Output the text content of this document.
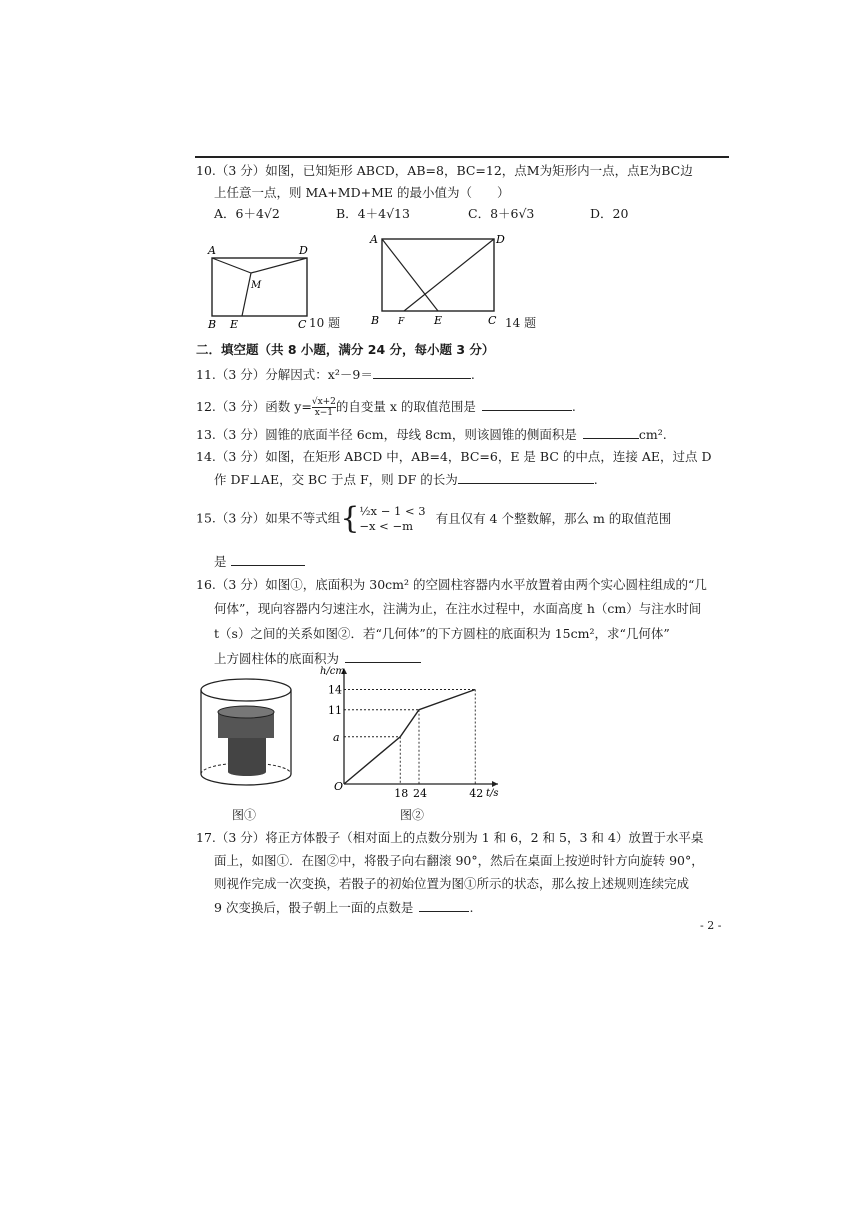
10.（3 分）如图，已知矩形 ABCD，AB=8，BC=12，点M为矩形内一点，点E为BC边
上任意一点，则 MA+MD+ME 的最小值为（　　）
A．6＋4√2	B．4＋4√13	C．8＋6√3	D．20
A	D
M
B E	C 10 题
A	D
B F	E	C 14 题
二．填空题（共 8 小题，满分 24 分，每小题 3 分）
11.（3 分）分解因式：x²－9＝	.
12.（3 分）函数 $y= \frac{√x+2}{x-1}$ 的自变量 x 的取值范围是	.
13.（3 分）圆锥的底面半径 6cm，母线 8cm，则该圆锥的侧面积是	cm².
14.（3 分）如图，在矩形 ABCD 中，AB=4，BC=6，E 是 BC 的中点，连接 AE，过点 D
作 DF⊥AE，交 BC 于点 F，则 DF 的长为	.
15.（3 分）如果不等式组{ ½x − 1 < 3
−x < −m
有且仅有 4 个整数解，那么 m 的取值范围
是
16.（3 分）如图①，底面积为 30cm² 的空圆柱容器内水平放置着由两个实心圆柱组成的“几
何体”，现向容器内匀速注水，注满为止，在注水过程中，水面高度 h（cm）与注水时间
t（s）之间的关系如图②．若“几何体”的下方圆柱的底面积为 15cm²，求“几何体”
上方圆柱体的底面积为
图①
h/cm
t/s
O
18 24	42
a
11
14
图②
17.（3 分）将正方体骰子（相对面上的点数分别为 1 和 6，2 和 5，3 和 4）放置于水平桌
面上，如图①．在图②中，将骰子向右翻滚 90°，然后在桌面上按逆时针方向旋转 90°，
则视作完成一次变换，若骰子的初始位置为图①所示的状态，那么按上述规则连续完成
9 次变换后，骰子朝上一面的点数是	.
- 2 -
